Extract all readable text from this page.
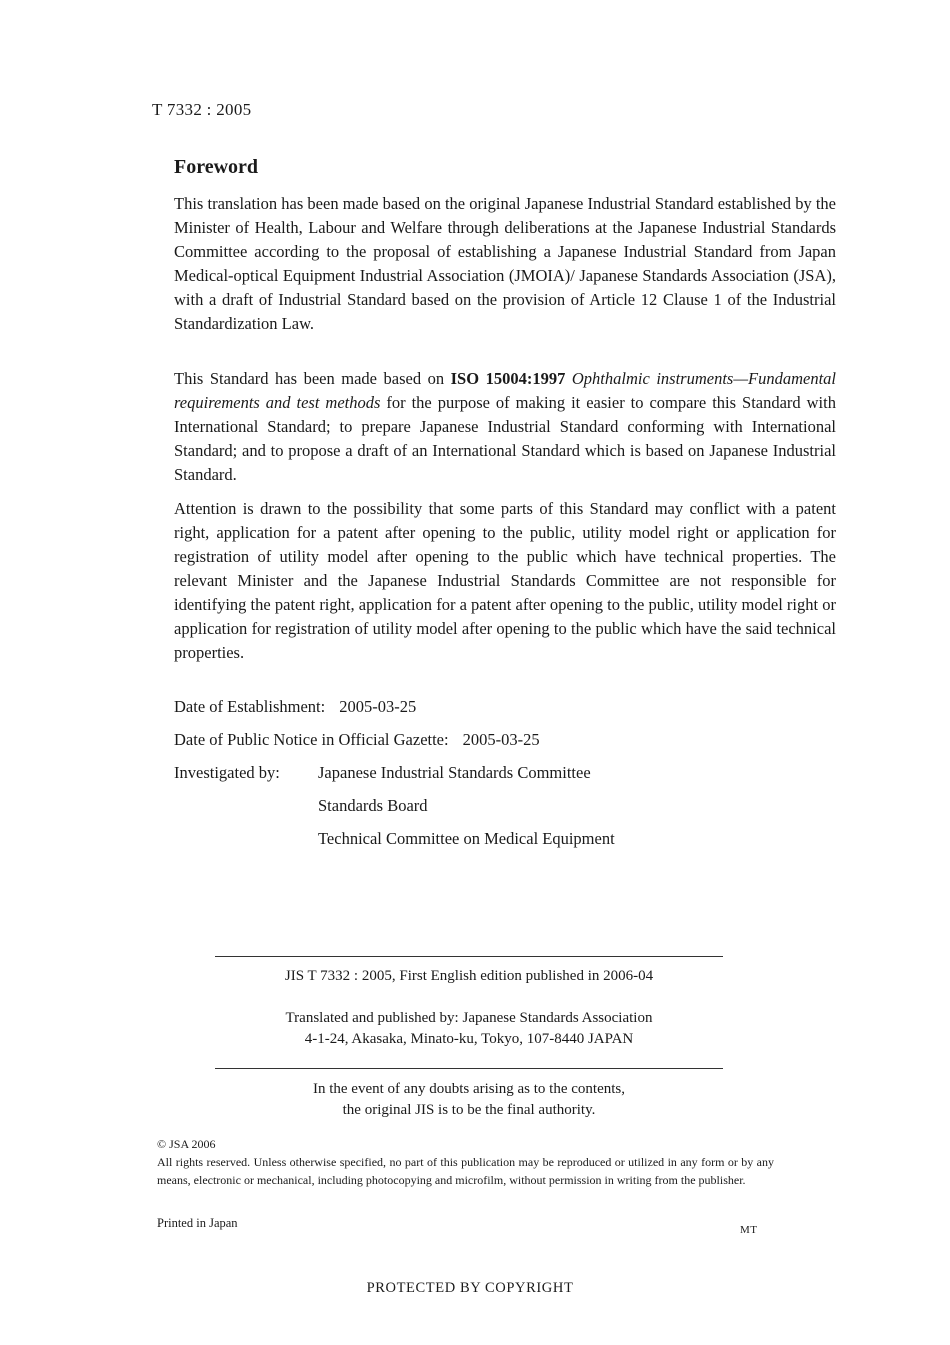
T 7332 : 2005
Foreword
This translation has been made based on the original Japanese Industrial Standard established by the Minister of Health, Labour and Welfare through deliberations at the Japanese Industrial Standards Committee according to the proposal of establishing a Japanese Industrial Standard from Japan Medical-optical Equipment Industrial Association (JMOIA)/ Japanese Standards Association (JSA), with a draft of Industrial Standard based on the provision of Article 12 Clause 1 of the Industrial Standardization Law.
This Standard has been made based on ISO 15004:1997 Ophthalmic instruments—Fundamental requirements and test methods for the purpose of making it easier to compare this Standard with International Standard; to prepare Japanese Industrial Standard conforming with International Standard; and to propose a draft of an International Standard which is based on Japanese Industrial Standard.
Attention is drawn to the possibility that some parts of this Standard may conflict with a patent right, application for a patent after opening to the public, utility model right or application for registration of utility model after opening to the public which have technical properties. The relevant Minister and the Japanese Industrial Standards Committee are not responsible for identifying the patent right, application for a patent after opening to the public, utility model right or application for registration of utility model after opening to the public which have the said technical properties.
Date of Establishment: 2005-03-25
Date of Public Notice in Official Gazette: 2005-03-25
Investigated by: Japanese Industrial Standards Committee
Standards Board
Technical Committee on Medical Equipment
JIS T 7332 : 2005, First English edition published in 2006-04
Translated and published by: Japanese Standards Association
4-1-24, Akasaka, Minato-ku, Tokyo, 107-8440 JAPAN
In the event of any doubts arising as to the contents,
the original JIS is to be the final authority.
© JSA 2006
All rights reserved. Unless otherwise specified, no part of this publication may be reproduced or utilized in any form or by any means, electronic or mechanical, including photocopying and microfilm, without permission in writing from the publisher.
Printed in Japan	MT
PROTECTED BY COPYRIGHT
